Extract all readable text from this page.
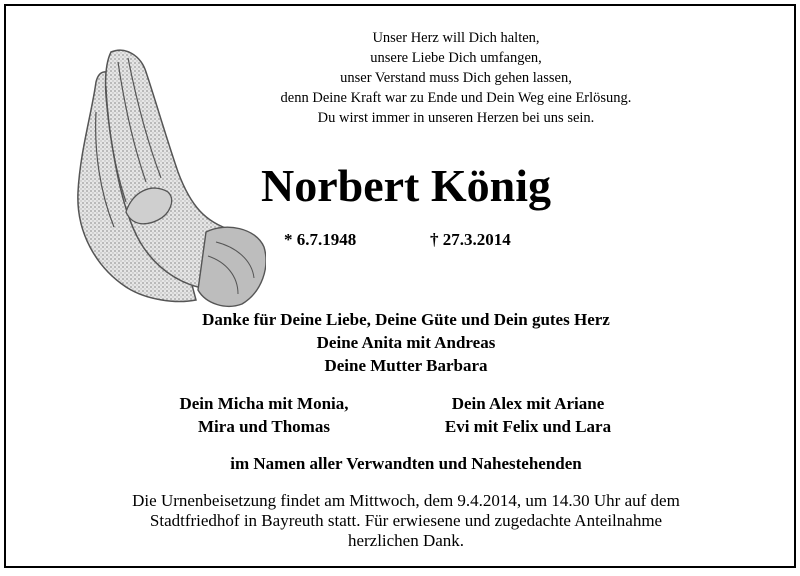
Unser Herz will Dich halten,
unsere Liebe Dich umfangen,
unser Verstand muss Dich gehen lassen,
denn Deine Kraft war zu Ende und Dein Weg eine Erlösung.
Du wirst immer in unseren Herzen bei uns sein.
Norbert König
* 6.7.1948	† 27.3.2014
Danke für Deine Liebe, Deine Güte und Dein gutes Herz
Deine Anita mit Andreas
Deine Mutter Barbara
Dein Micha mit Monia,
Mira und Thomas
Dein Alex mit Ariane
Evi mit Felix und Lara
im Namen aller Verwandten und Nahestehenden
Die Urnenbeisetzung findet am Mittwoch, dem 9.4.2014, um 14.30 Uhr auf dem
Stadtfriedhof in Bayreuth statt. Für erwiesene und zugedachte Anteilnahme
herzlichen Dank.
